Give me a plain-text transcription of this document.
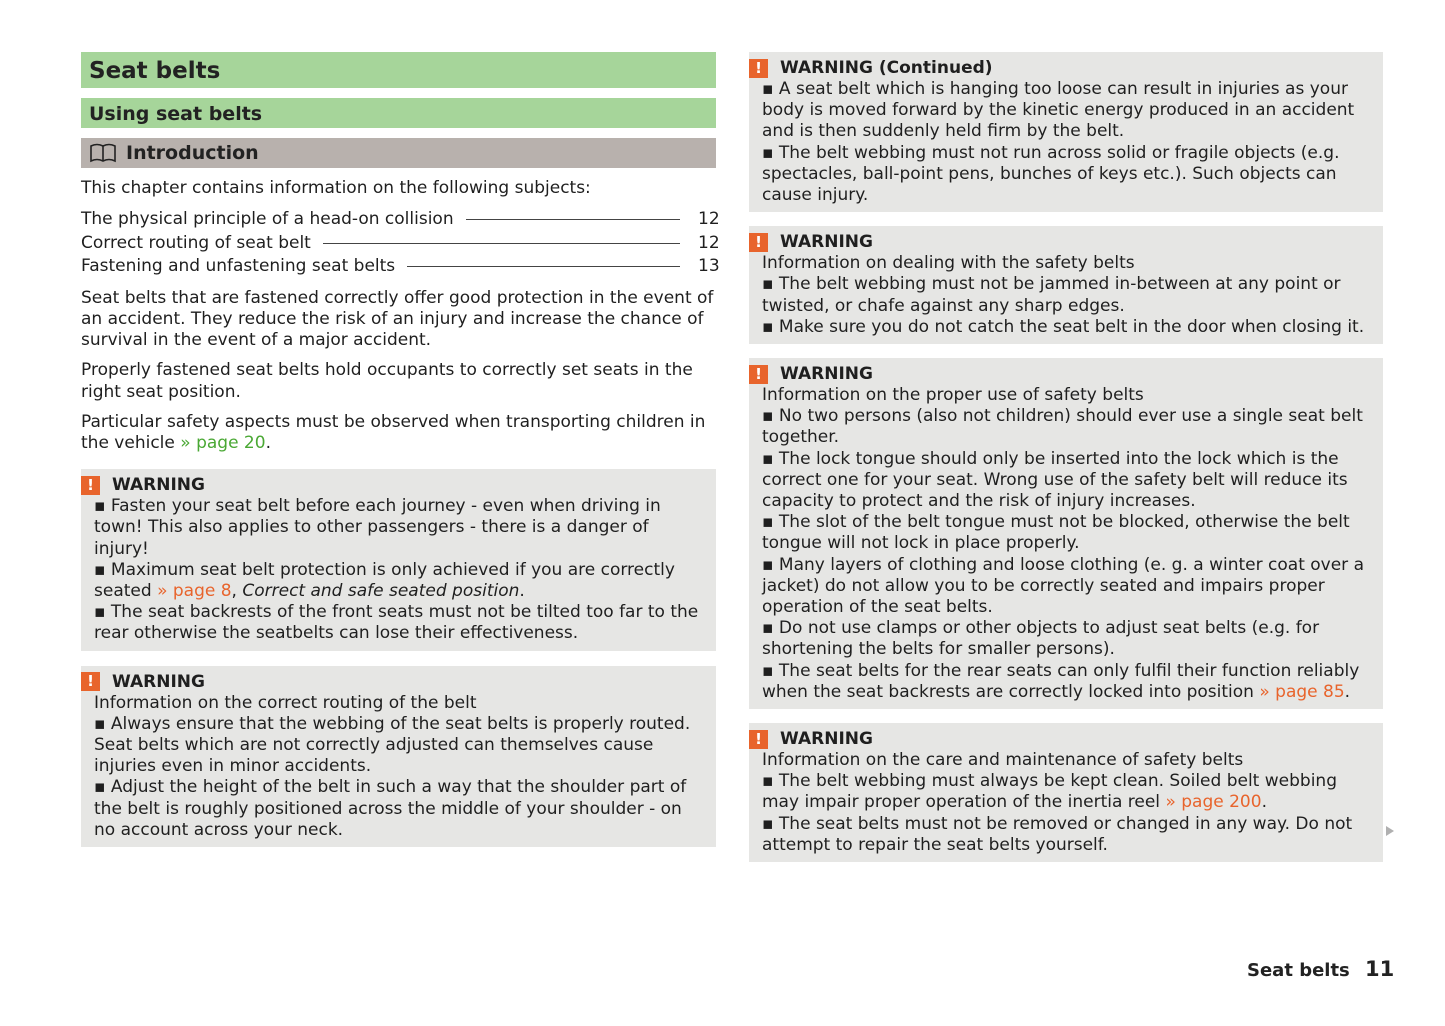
Seat belts
Using seat belts
Introduction

This chapter contains information on the following subjects:

The physical principle of a head-on collision	12
Correct routing of seat belt	12
Fastening and unfastening seat belts	13

Seat belts that are fastened correctly offer good protection in the event of an accident. They reduce the risk of an injury and increase the chance of survival in the event of a major accident.

Properly fastened seat belts hold occupants to correctly set seats in the right seat position.

Particular safety aspects must be observed when transporting children in the vehicle » page 20.

!	WARNING

▪ Fasten your seat belt before each journey - even when driving in town! This also applies to other passengers - there is a danger of injury!

▪ Maximum seat belt protection is only achieved if you are correctly seated » page 8, Correct and safe seated position.

▪ The seat backrests of the front seats must not be tilted too far to the rear otherwise the seatbelts can lose their effectiveness.

!	WARNING

Information on the correct routing of the belt

▪ Always ensure that the webbing of the seat belts is properly routed. Seat belts which are not correctly adjusted can themselves cause injuries even in minor accidents.

▪ Adjust the height of the belt in such a way that the shoulder part of the belt is roughly positioned across the middle of your shoulder - on no account across your neck.

!	WARNING (Continued)

▪ A seat belt which is hanging too loose can result in injuries as your body is moved forward by the kinetic energy produced in an accident and is then suddenly held firm by the belt.

▪ The belt webbing must not run across solid or fragile objects (e.g. spectacles, ball-point pens, bunches of keys etc.). Such objects can cause injury.

!	WARNING

Information on dealing with the safety belts

▪ The belt webbing must not be jammed in-between at any point or twisted, or chafe against any sharp edges.

▪ Make sure you do not catch the seat belt in the door when closing it.

!	WARNING

Information on the proper use of safety belts

▪ No two persons (also not children) should ever use a single seat belt together.

▪ The lock tongue should only be inserted into the lock which is the correct one for your seat. Wrong use of the safety belt will reduce its capacity to protect and the risk of injury increases.

▪ The slot of the belt tongue must not be blocked, otherwise the belt tongue will not lock in place properly.

▪ Many layers of clothing and loose clothing (e. g. a winter coat over a jacket) do not allow you to be correctly seated and impairs proper operation of the seat belts.

▪ Do not use clamps or other objects to adjust seat belts (e.g. for shortening the belts for smaller persons).

▪ The seat belts for the rear seats can only fulfil their function reliably when the seat backrests are correctly locked into position » page 85.

!	WARNING

Information on the care and maintenance of safety belts

▪ The belt webbing must always be kept clean. Soiled belt webbing may impair proper operation of the inertia reel » page 200.

▪ The seat belts must not be removed or changed in any way. Do not attempt to repair the seat belts yourself.

Seat belts 11
